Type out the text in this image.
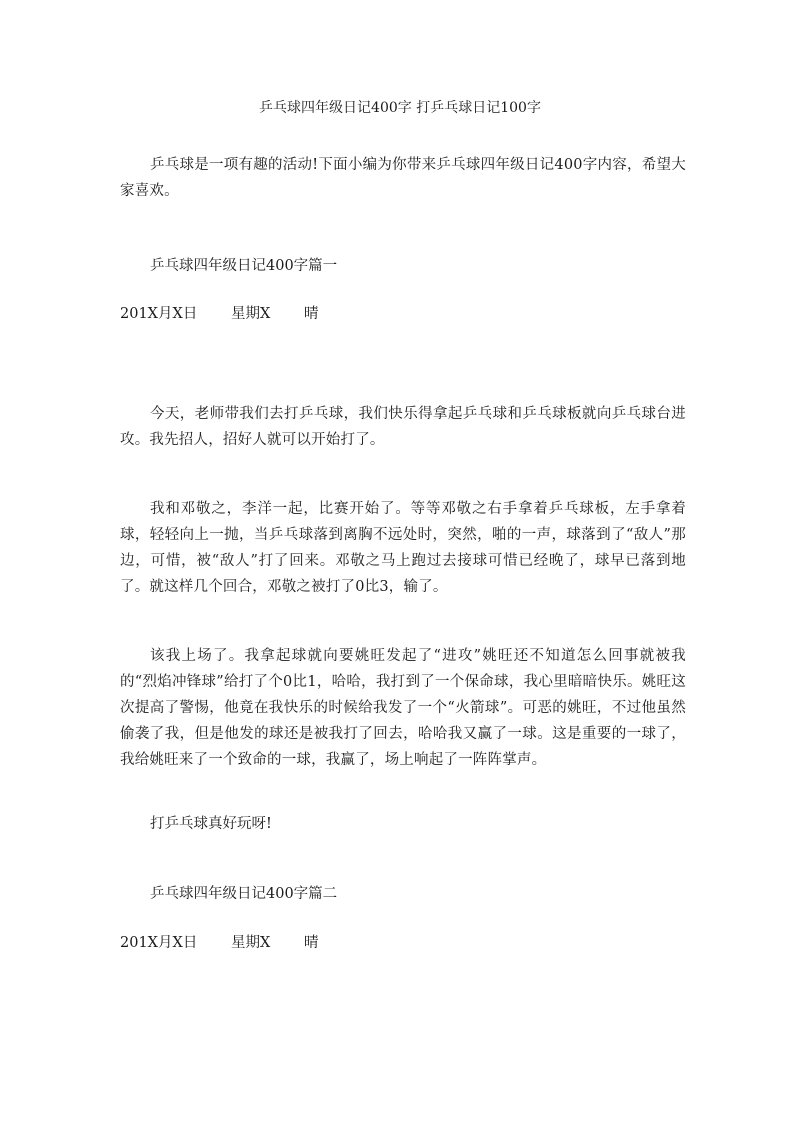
乒乓球四年级日记400字 打乒乓球日记100字

乒乓球是一项有趣的活动!下面小编为你带来乒乓球四年级日记400字内容，希望大家喜欢。

乒乓球四年级日记400字篇一
201X月X日 星期X 晴

今天，老师带我们去打乒乓球，我们快乐得拿起乒乓球和乒乓球板就向乒乓球台进攻。我先招人，招好人就可以开始打了。

我和邓敬之，李洋一起，比赛开始了。等等邓敬之右手拿着乒乓球板，左手拿着球，轻轻向上一抛，当乒乓球落到离胸不远处时，突然，啪的一声，球落到了“敌人”那边，可惜，被“敌人”打了回来。邓敬之马上跑过去接球可惜已经晚了，球早已落到地了。就这样几个回合，邓敬之被打了0比3，输了。

该我上场了。我拿起球就向要姚旺发起了“进攻”姚旺还不知道怎么回事就被我的“烈焰冲锋球”给打了个0比1，哈哈，我打到了一个保命球，我心里暗暗快乐。姚旺这次提高了警惕，他竟在我快乐的时候给我发了一个“火箭球”。可恶的姚旺，不过他虽然偷袭了我，但是他发的球还是被我打了回去，哈哈我又赢了一球。这是重要的一球了，我给姚旺来了一个致命的一球，我赢了，场上响起了一阵阵掌声。

打乒乓球真好玩呀!
乒乓球四年级日记400字篇二
201X月X日 星期X 晴
